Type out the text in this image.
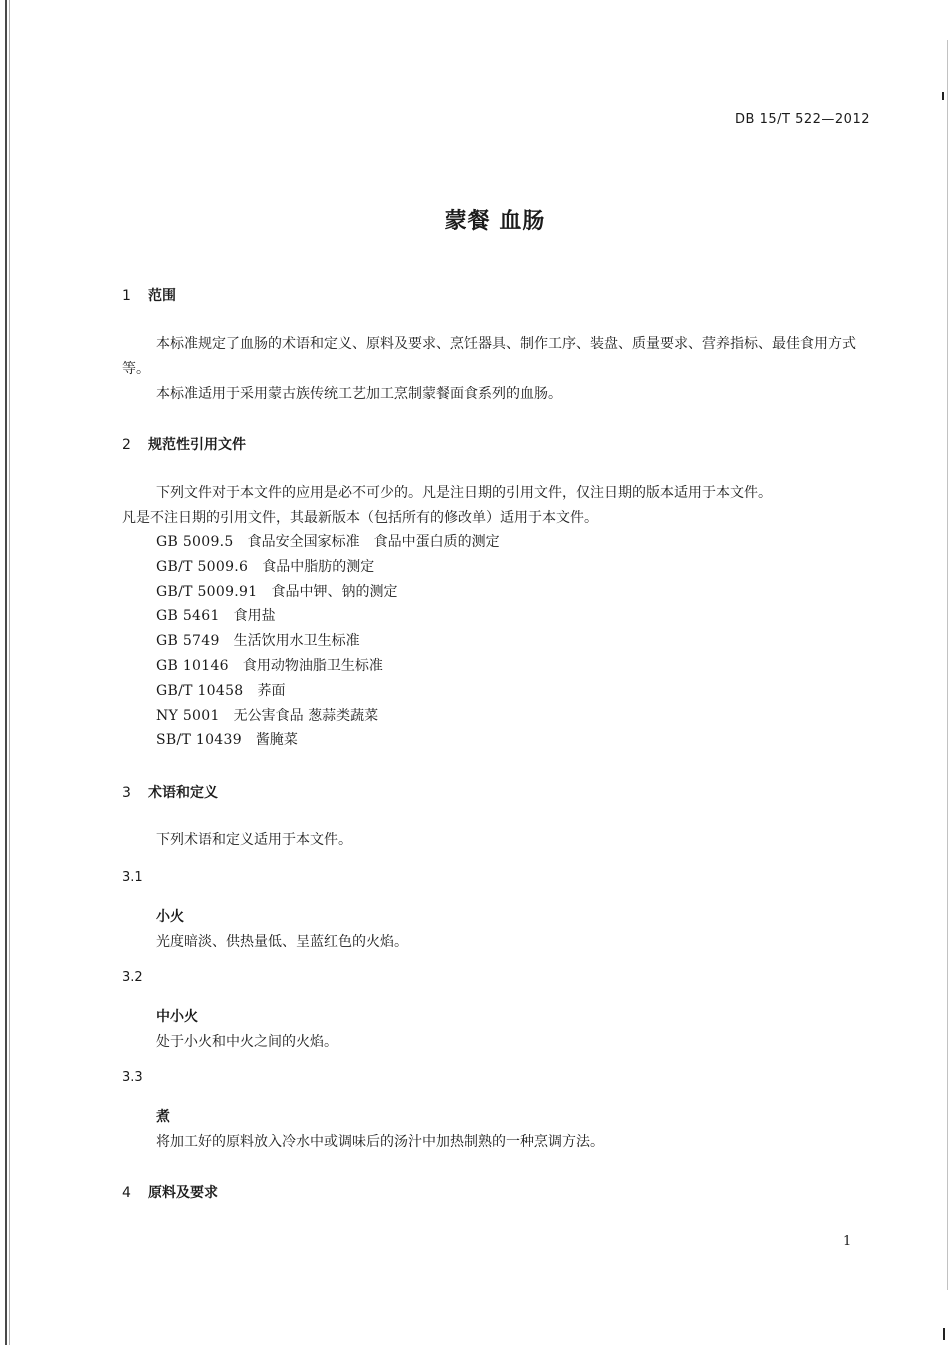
DB 15/T 522—2012
蒙餐 血肠
1 范围
本标准规定了血肠的术语和定义、原料及要求、烹饪器具、制作工序、装盘、质量要求、营养指标、最佳食用方式等。
本标准适用于采用蒙古族传统工艺加工烹制蒙餐面食系列的血肠。
2 规范性引用文件
下列文件对于本文件的应用是必不可少的。凡是注日期的引用文件，仅注日期的版本适用于本文件。
凡是不注日期的引用文件，其最新版本（包括所有的修改单）适用于本文件。
GB 5009.5 食品安全国家标准　食品中蛋白质的测定
GB/T 5009.6 食品中脂肪的测定
GB/T 5009.91 食品中钾、钠的测定
GB 5461 食用盐
GB 5749 生活饮用水卫生标准
GB 10146 食用动物油脂卫生标准
GB/T 10458 荞面
NY 5001 无公害食品 葱蒜类蔬菜
SB/T 10439 酱腌菜
3 术语和定义
下列术语和定义适用于本文件。
3.1
小火
光度暗淡、供热量低、呈蓝红色的火焰。
3.2
中小火
处于小火和中火之间的火焰。
3.3
煮
将加工好的原料放入冷水中或调味后的汤汁中加热制熟的一种烹调方法。
4 原料及要求
1
